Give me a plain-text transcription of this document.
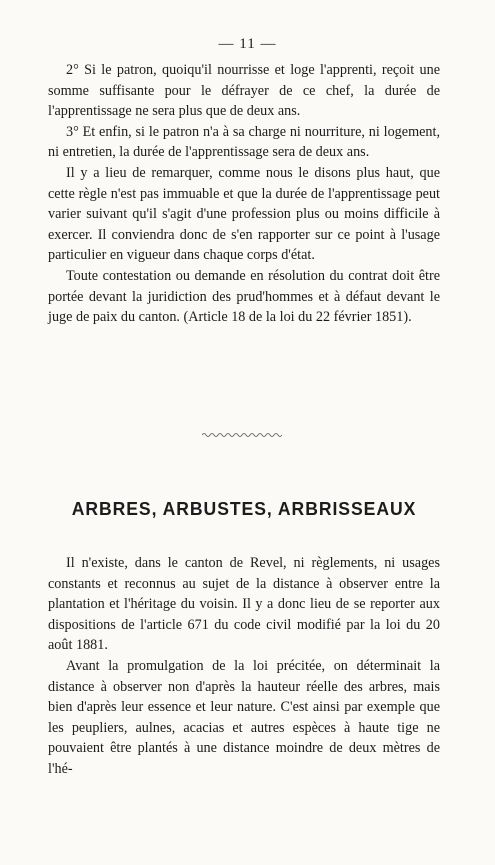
— 11 —

2° Si le patron, quoiqu'il nourrisse et loge l'apprenti, reçoit une somme suffisante pour le défrayer de ce chef, la durée de l'apprentissage ne sera plus que de deux ans.

3° Et enfin, si le patron n'a à sa charge ni nourriture, ni logement, ni entretien, la durée de l'apprentissage sera de deux ans.

Il y a lieu de remarquer, comme nous le disons plus haut, que cette règle n'est pas immuable et que la durée de l'apprentissage peut varier suivant qu'il s'agit d'une profession plus ou moins difficile à exercer. Il conviendra donc de s'en rapporter sur ce point à l'usage particulier en vigueur dans chaque corps d'état.

Toute contestation ou demande en résolution du contrat doit être portée devant la juridiction des prud'hommes et à défaut devant le juge de paix du canton. (Article 18 de la loi du 22 février 1851).

ARBRES, ARBUSTES, ARBRISSEAUX

Il n'existe, dans le canton de Revel, ni règlements, ni usages constants et reconnus au sujet de la distance à observer entre la plantation et l'héritage du voisin. Il y a donc lieu de se reporter aux dispositions de l'article 671 du code civil modifié par la loi du 20 août 1881.

Avant la promulgation de la loi précitée, on déterminait la distance à observer non d'après la hauteur réelle des arbres, mais bien d'après leur essence et leur nature. C'est ainsi par exemple que les peupliers, aulnes, acacias et autres espèces à haute tige ne pouvaient être plantés à une distance moindre de deux mètres de l'hé-
